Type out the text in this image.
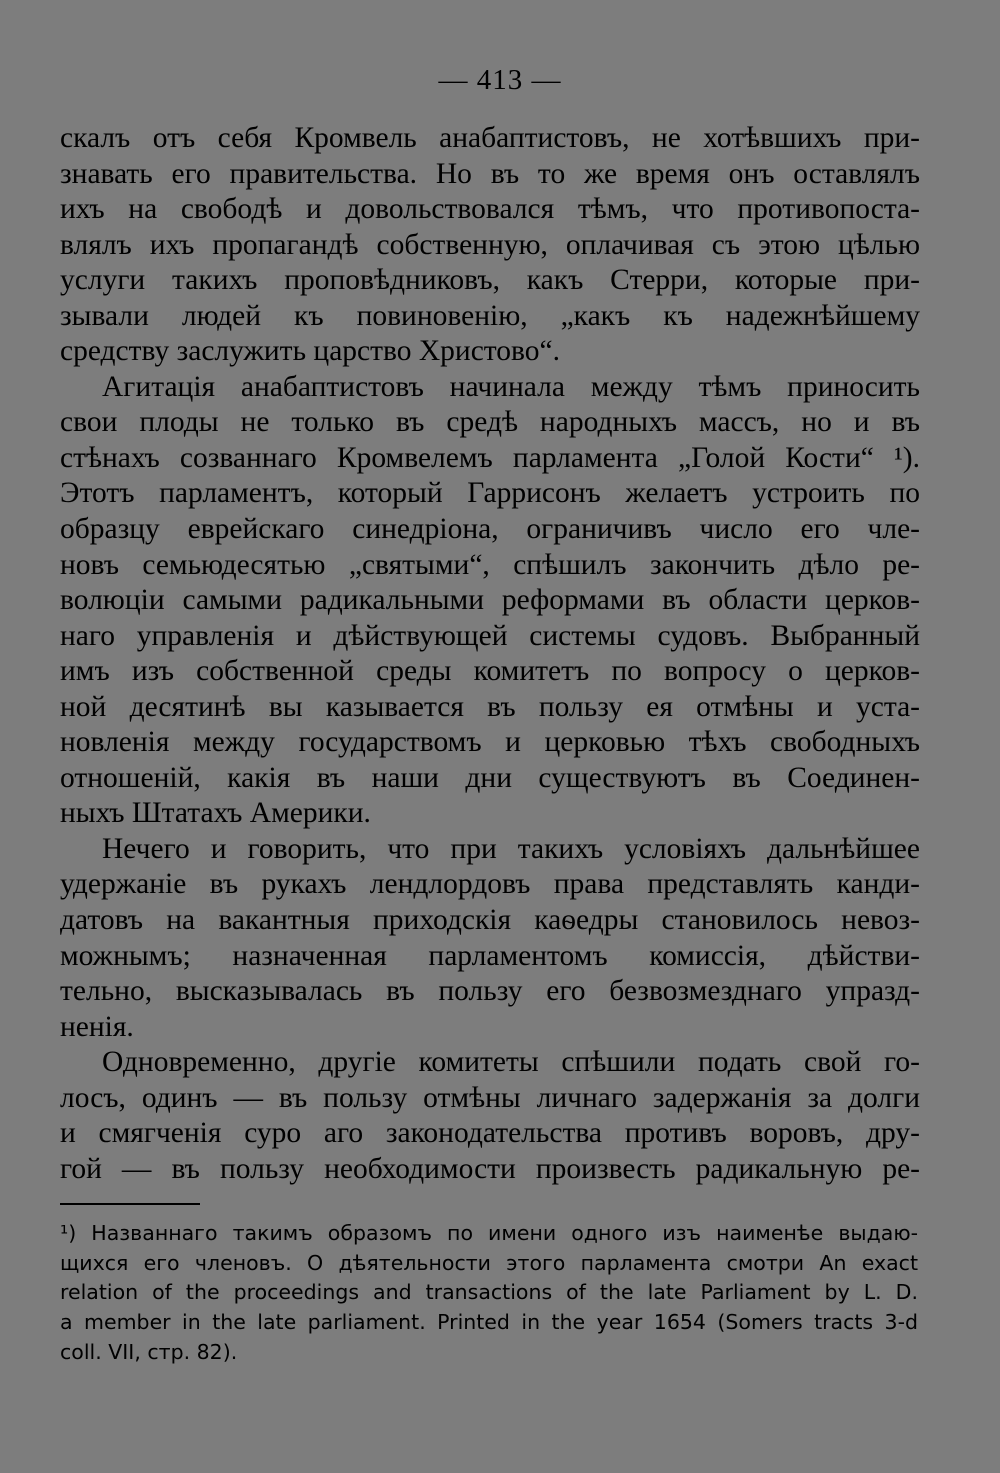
— 413 —
скалъ отъ себя Кромвель анабаптистовъ, не хотѣвшихъ при-
знавать его правительства. Но въ то же время онъ оставлялъ
ихъ на свободѣ и довольствовался тѣмъ, что противопоста-
влялъ ихъ пропагандѣ собственную, оплачивая съ этою цѣлью
услуги такихъ проповѣдниковъ, какъ Стерри, которые при-
зывали людей къ повиновенію, „какъ къ надежнѣйшему
средству заслужить царство Христово“.
Агитація анабаптистовъ начинала между тѣмъ приносить
свои плоды не только въ средѣ народныхъ массъ, но и въ
стѣнахъ созваннаго Кромвелемъ парламента „Голой Кости“ ¹).
Этотъ парламентъ, который Гаррисонъ желаетъ устроить по
образцу еврейскаго синедріона, ограничивъ число его чле-
новъ семьюдесятью „святыми“, спѣшилъ закончить дѣло ре-
волюціи самыми радикальными реформами въ области церков-
наго управленія и дѣйствующей системы судовъ. Выбранный
имъ изъ собственной среды комитетъ по вопросу о церков-
ной десятинѣ вы казывается въ пользу ея отмѣны и уста-
новленія между государствомъ и церковью тѣхъ свободныхъ
отношеній, какія въ наши дни существуютъ въ Соединен-
ныхъ Штатахъ Америки.
Нечего и говорить, что при такихъ условіяхъ дальнѣйшее
удержаніе въ рукахъ лендлордовъ права представлять канди-
датовъ на вакантныя приходскія каѳедры становилось невоз-
можнымъ; назначенная парламентомъ комиссія, дѣйстви-
тельно, высказывалась въ пользу его безвозмезднаго упразд-
ненія.
Одновременно, другіе комитеты спѣшили подать свой го-
лосъ, одинъ — въ пользу отмѣны личнаго задержанія за долги
и смягченія суро аго законодательства противъ воровъ, дру-
гой — въ пользу необходимости произвесть радикальную ре-
¹) Названнаго такимъ образомъ по имени одного изъ наименѣе выдаю-
щихся его членовъ. О дѣятельности этого парламента смотри An exact
relation of the proceedings and transactions of the late Parliament by L. D.
a member in the late parliament. Printed in the year 1654 (Somers tracts 3-d
coll. VII, стр. 82).
